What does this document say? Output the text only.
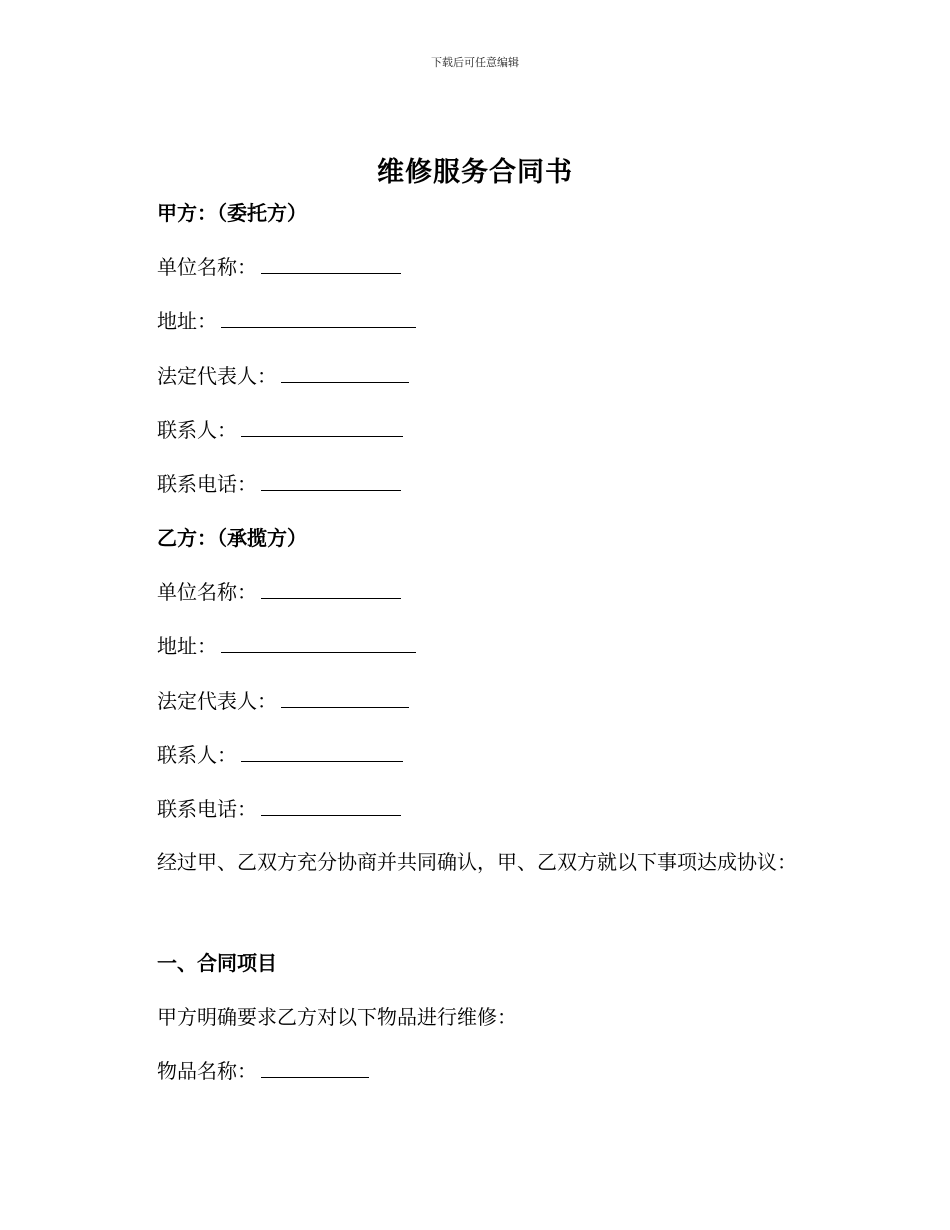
下载后可任意编辑
维修服务合同书
甲方：（委托方）
单位名称：
地址：
法定代表人：
联系人：
联系电话：
乙方：（承揽方）
单位名称：
地址：
法定代表人：
联系人：
联系电话：
经过甲、乙双方充分协商并共同确认，甲、乙双方就以下事项达成协议：
一、合同项目
甲方明确要求乙方对以下物品进行维修：
物品名称：
